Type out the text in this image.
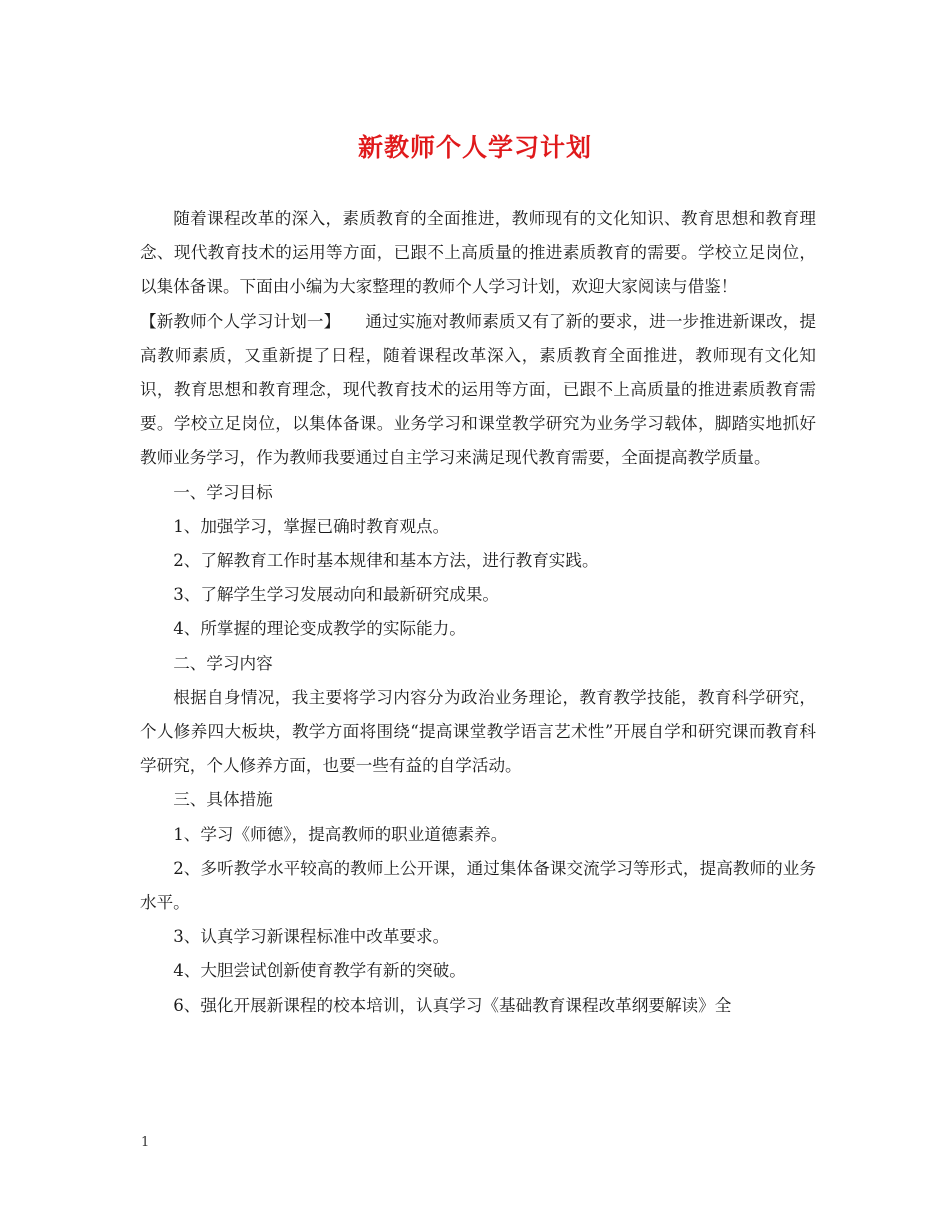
新教师个人学习计划

随着课程改革的深入，素质教育的全面推进，教师现有的文化知识、教育思想和教育理念、现代教育技术的运用等方面，已跟不上高质量的推进素质教育的需要。学校立足岗位，以集体备课。下面由小编为大家整理的教师个人学习计划，欢迎大家阅读与借鉴！

【新教师个人学习计划一】　　通过实施对教师素质又有了新的要求，进一步推进新课改，提高教师素质，又重新提了日程，随着课程改革深入，素质教育全面推进，教师现有文化知识，教育思想和教育理念，现代教育技术的运用等方面，已跟不上高质量的推进素质教育需要。学校立足岗位，以集体备课。业务学习和课堂教学研究为业务学习载体，脚踏实地抓好教师业务学习，作为教师我要通过自主学习来满足现代教育需要，全面提高教学质量。

一、学习目标

1、加强学习，掌握已确时教育观点。

2、了解教育工作时基本规律和基本方法，进行教育实践。

3、了解学生学习发展动向和最新研究成果。

4、所掌握的理论变成教学的实际能力。

二、学习内容

根据自身情况，我主要将学习内容分为政治业务理论，教育教学技能，教育科学研究，个人修养四大板块，教学方面将围绕“提高课堂教学语言艺术性”开展自学和研究课而教育科学研究，个人修养方面，也要一些有益的自学活动。

三、具体措施

1、学习《师德》，提高教师的职业道德素养。

2、多听教学水平较高的教师上公开课，通过集体备课交流学习等形式，提高教师的业务水平。

3、认真学习新课程标准中改革要求。

4、大胆尝试创新使育教学有新的突破。

6、强化开展新课程的校本培训，认真学习《基础教育课程改革纲要解读》全

1
